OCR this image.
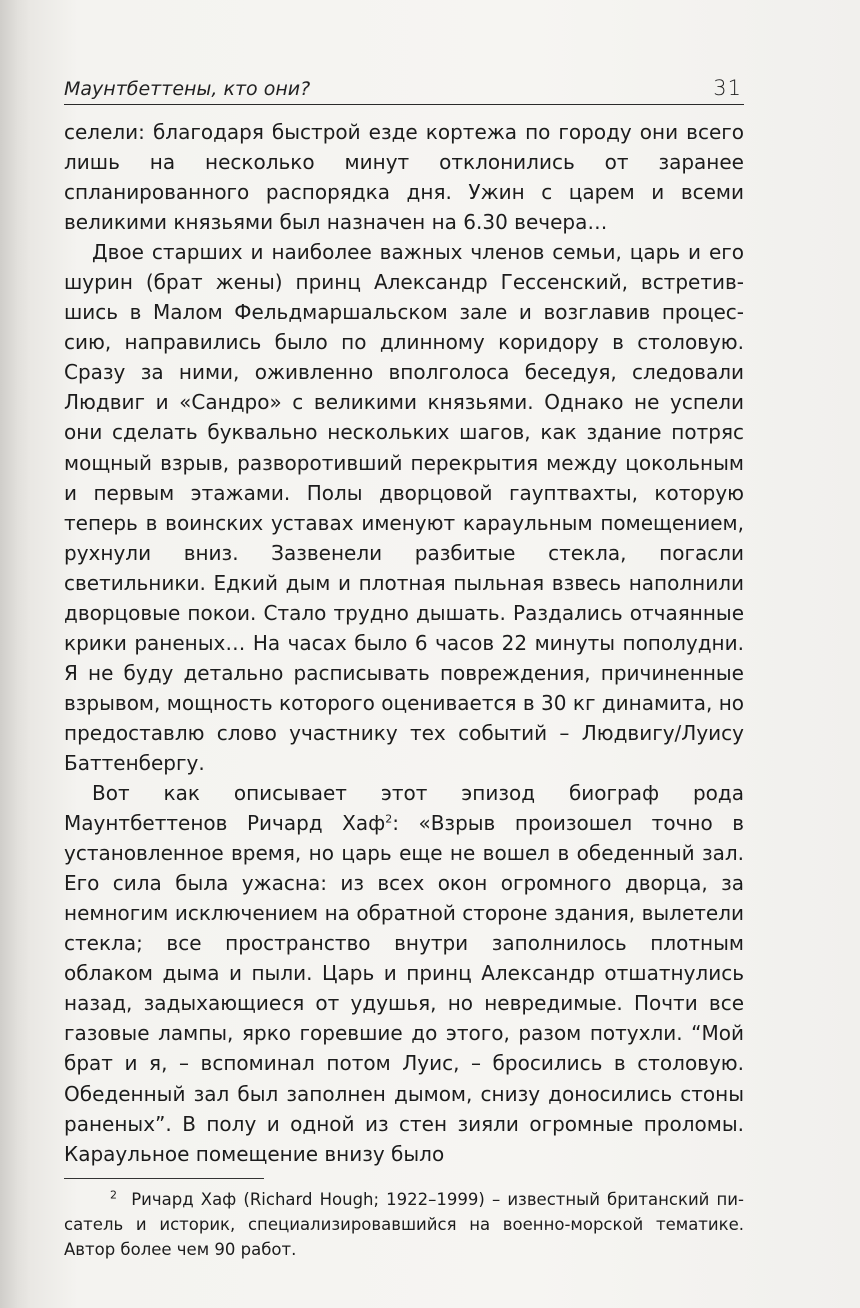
Маунтбеттены, кто они?	31

селели: благодаря быстрой езде кортежа по городу они всего лишь на несколько минут отклонились от заранее спланированного распорядка дня. Ужин с царем и всеми великими князьями был назначен на 6.30 вечера…

Двое старших и наиболее важных членов семьи, царь и его шурин (брат жены) принц Александр Гессенский, встретившись в Малом Фельдмаршальском зале и возглавив процессию, направились было по длинному коридору в столовую. Сразу за ними, оживленно вполголоса беседуя, следовали Людвиг и «Сандро» с великими князьями. Однако не успели они сделать буквально нескольких шагов, как здание потряс мощный взрыв, разворотивший перекрытия между цокольным и первым этажами. Полы дворцовой гауптвахты, которую теперь в воинских уставах именуют караульным помещением, рухнули вниз. Зазвенели разбитые стекла, погасли светильники. Едкий дым и плотная пыльная взвесь наполнили дворцовые покои. Стало трудно дышать. Раздались отчаянные крики раненых… На часах было 6 часов 22 минуты пополудни. Я не буду детально расписывать повреждения, причиненные взрывом, мощность которого оценивается в 30 кг динамита, но предоставлю слово участнику тех событий – Людвигу/Луису Баттенбергу.

Вот как описывает этот эпизод биограф рода Маунтбеттенов Ричард Хаф$^2$: «Взрыв произошел точно в установленное время, но царь еще не вошел в обеденный зал. Его сила была ужасна: из всех окон огромного дворца, за немногим исключением на обратной стороне здания, вылетели стекла; все пространство внутри заполнилось плотным облаком дыма и пыли. Царь и принц Александр отшатнулись назад, задыхающиеся от удушья, но невредимые. Почти все газовые лампы, ярко горевшие до этого, разом потухли. “Мой брат и я, – вспоминал потом Луис, – бросились в столовую. Обеденный зал был заполнен дымом, снизу доносились стоны раненых”. В полу и одной из стен зияли огромные проломы. Караульное помещение внизу было

$^2$ Ричард Хаф (Richard Hough; 1922–1999) – известный британский писатель и историк, специализировавшийся на военно-морской тематике. Автор более чем 90 работ.
